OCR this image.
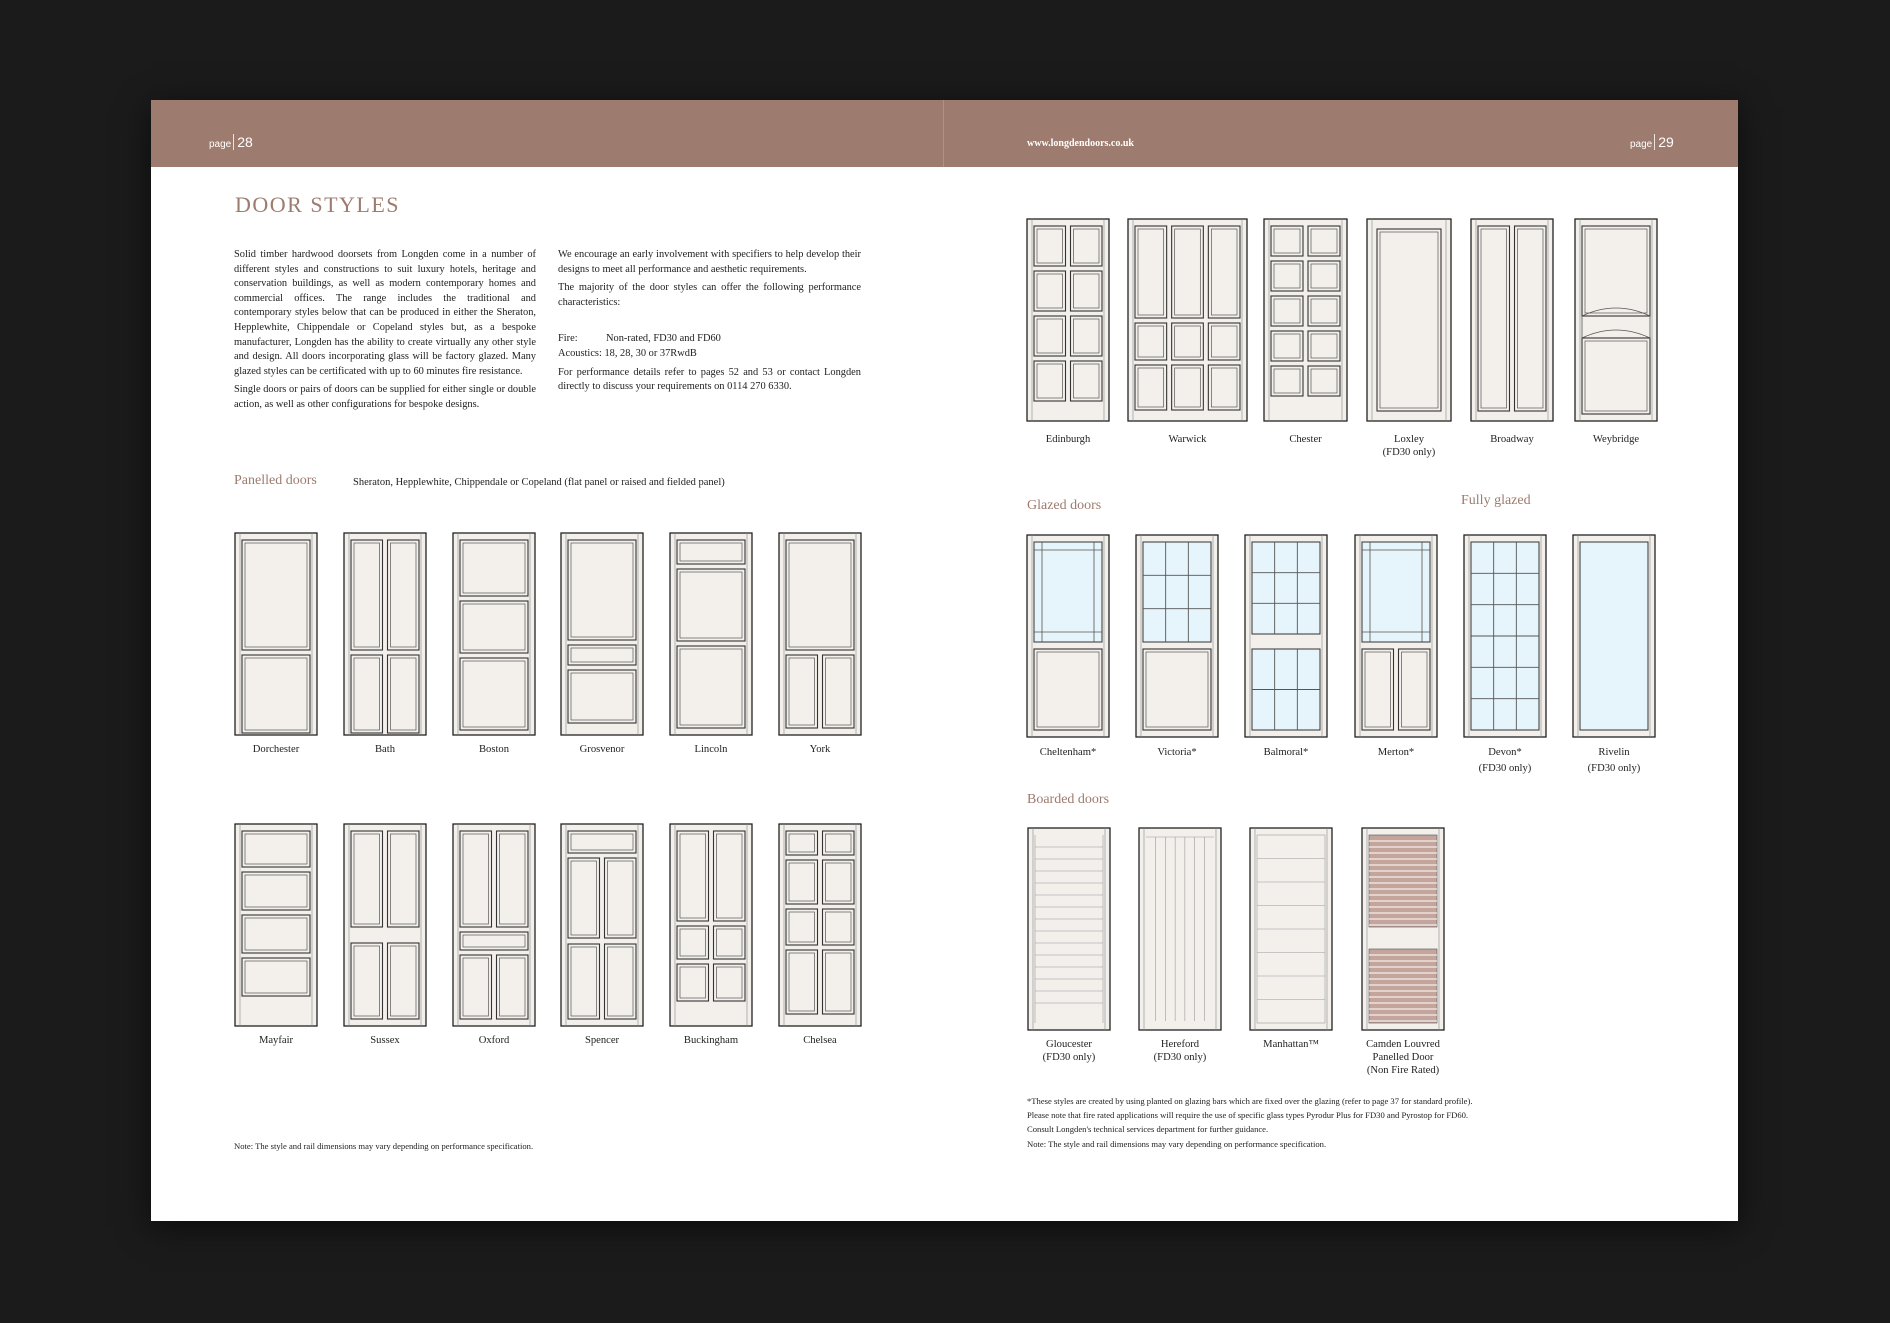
page 28	www.longdendoors.co.uk	page 29
DOOR STYLES

Solid timber hardwood doorsets from Longden come in a number of different styles and constructions to suit luxury hotels, heritage and conservation buildings, as well as modern contemporary homes and commercial offices. The range includes the traditional and contemporary styles below that can be produced in either the Sheraton, Hepplewhite, Chippendale or Copeland styles but, as a bespoke manufacturer, Longden has the ability to create virtually any other style and design. All doors incorporating glass will be factory glazed. Many glazed styles can be certificated with up to 60 minutes fire resistance.

Single doors or pairs of doors can be supplied for either single or double action, as well as other configurations for bespoke designs.

We encourage an early involvement with specifiers to help develop their designs to meet all performance and aesthetic requirements.

The majority of the door styles can offer the following performance characteristics:

Fire:	Non-rated, FD30 and FD60

Acoustics: 18, 28, 30 or 37RwdB

For performance details refer to pages 52 and 53 or contact Longden directly to discuss your requirements on 0114 270 6330.

Panelled doors	Sheraton, Hepplewhite, Chippendale or Copeland (flat panel or raised and fielded panel)
Dorchester	Bath	Boston	Grosvenor	Lincoln	York
Mayfair	Sussex	Oxford	Spencer	Buckingham	Chelsea
Edinburgh	Warwick	Chester	Loxley
(FD30 only)
Broadway	Weybridge
Cheltenham*	Victoria*	Balmoral*	Merton*	Devon*
(FD30 only)
Rivelin
(FD30 only)
Gloucester
(FD30 only)
Hereford
(FD30 only)
Manhattan™	Camden Louvred
Panelled Door
(Non Fire Rated)
Glazed doors	Fully glazed
Boarded doors
Note: The style and rail dimensions may vary depending on performance specification.
*These styles are created by using planted on glazing bars which are fixed over the glazing (refer to page 37 for standard profile).
Please note that fire rated applications will require the use of specific glass types Pyrodur Plus for FD30 and Pyrostop for FD60.
Consult Longden's technical services department for further guidance.
Note: The style and rail dimensions may vary depending on performance specification.
